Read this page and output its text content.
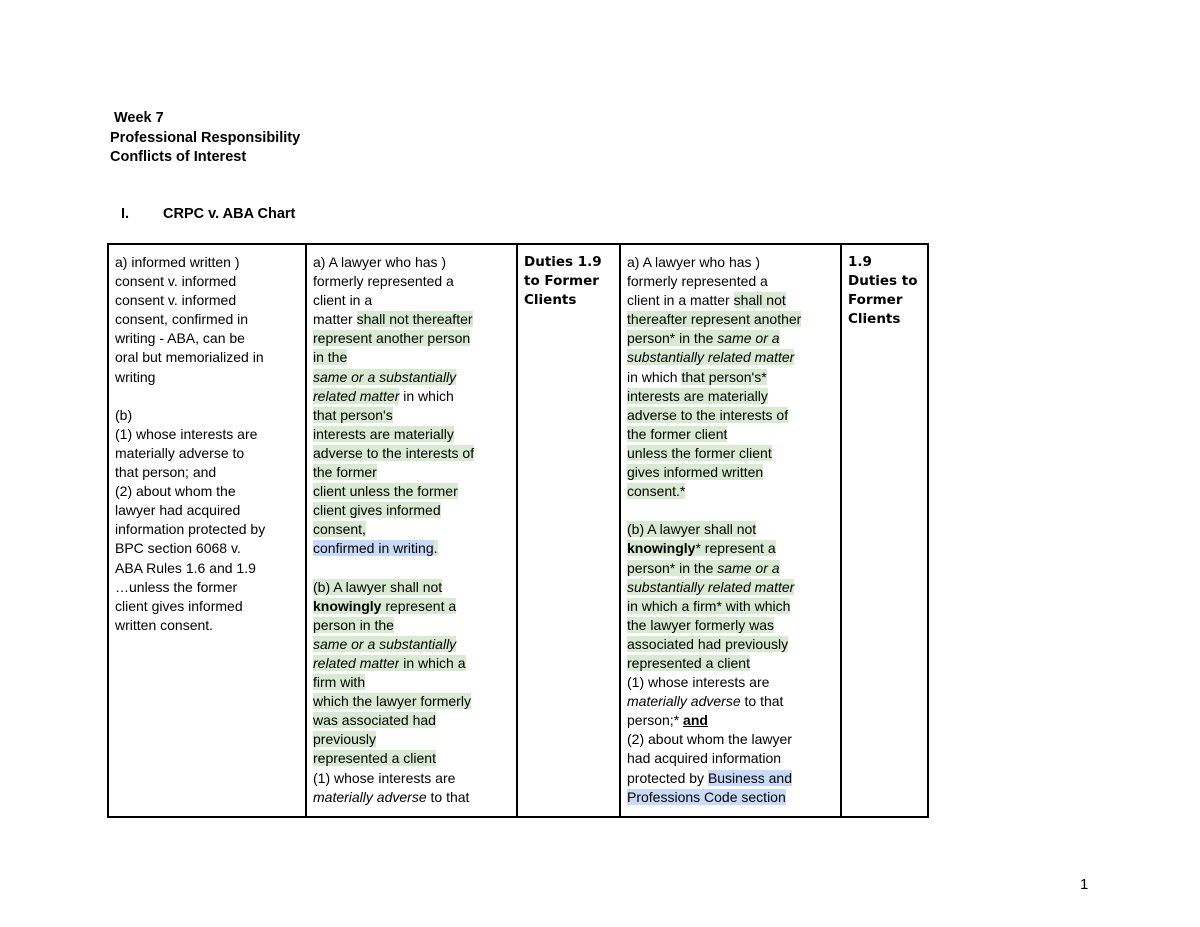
Week 7
Professional Responsibility
Conflicts of Interest
I. CRPC v. ABA Chart
a) informed written )
consent v. informed
consent v. informed
consent, confirmed in
writing - ABA, can be
oral but memorialized in
writing
(b)
(1) whose interests are
materially adverse to
that person; and
(2) about whom the
lawyer had acquired
information protected by
BPC section 6068 v.
ABA Rules 1.6 and 1.9
…unless the former
client gives informed
written consent.
a) A lawyer who has )
formerly represented a
client in a
matter shall not thereafter
represent another person
in the
same or a substantially
related matter in which
that person's
interests are materially
adverse to the interests of
the former
client unless the former
client gives informed
consent,
confirmed in writing.
(b) A lawyer shall not
knowingly represent a
person in the
same or a substantially
related matter in which a
firm with
which the lawyer formerly
was associated had
previously
represented a client
(1) whose interests are
materially adverse to that
Duties 1.9
to Former
Clients
a) A lawyer who has )
formerly represented a
client in a matter shall not
thereafter represent another
person* in the same or a
substantially related matter
in which that person's*
interests are materially
adverse to the interests of
the former client
unless the former client
gives informed written
consent.*
(b) A lawyer shall not
knowingly* represent a
person* in the same or a
substantially related matter
in which a firm* with which
the lawyer formerly was
associated had previously
represented a client
(1) whose interests are
materially adverse to that
person;* and
(2) about whom the lawyer
had acquired information
protected by Business and
Professions Code section
1.9
Duties to
Former
Clients
1
